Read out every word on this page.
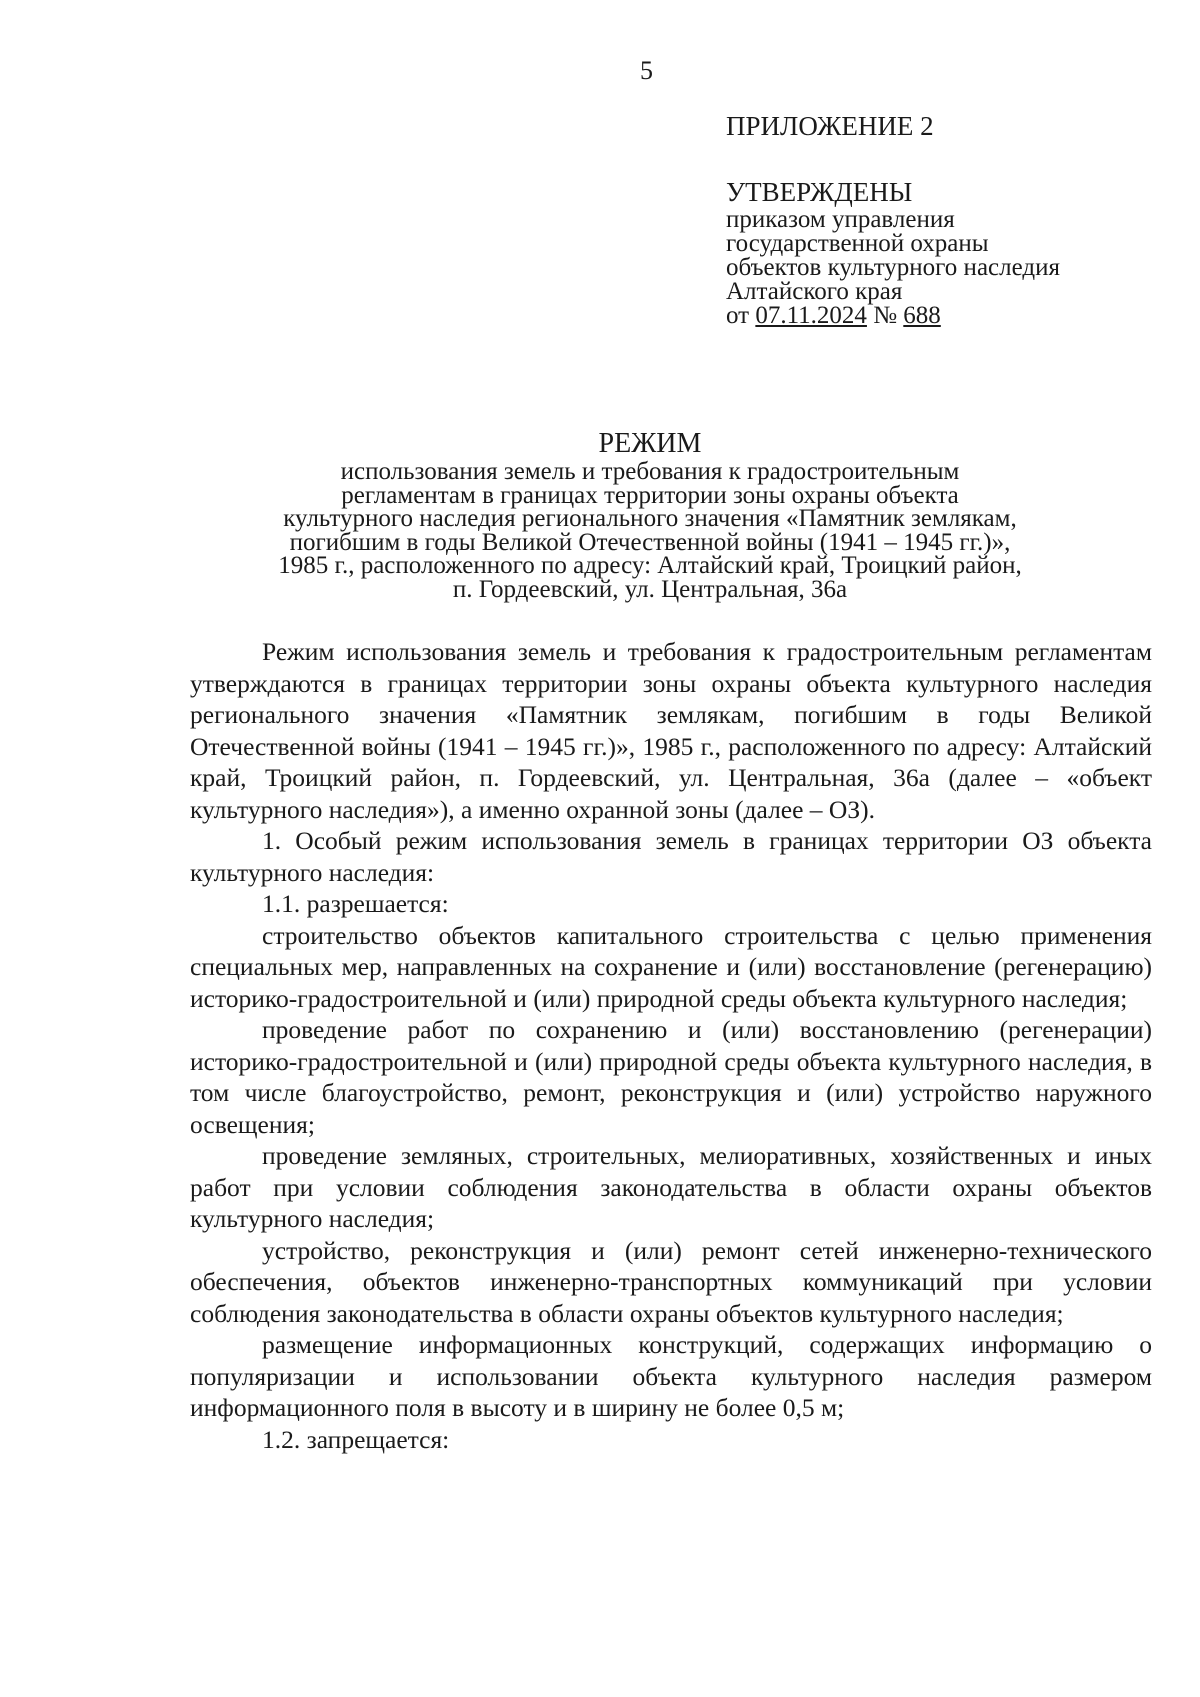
5
ПРИЛОЖЕНИЕ 2
УТВЕРЖДЕНЫ
приказом управления
государственной охраны
объектов культурного наследия
Алтайского края
от 07.11.2024 № 688
РЕЖИМ
использования земель и требования к градостроительным
регламентам в границах территории зоны охраны объекта
культурного наследия регионального значения «Памятник землякам,
погибшим в годы Великой Отечественной войны (1941 – 1945 гг.)»,
1985 г., расположенного по адресу: Алтайский край, Троицкий район,
п. Гордеевский, ул. Центральная, 36а

Режим использования земель и требования к градостроительным регламентам утверждаются в границах территории зоны охраны объекта культурного наследия регионального значения «Памятник землякам, погибшим в годы Великой Отечественной войны (1941 – 1945 гг.)», 1985 г., расположенного по адресу: Алтайский край, Троицкий район, п. Гордеевский, ул. Центральная, 36а (далее – «объект культурного наследия»), а именно охранной зоны (далее – ОЗ).

1. Особый режим использования земель в границах территории ОЗ объекта культурного наследия:

1.1. разрешается:

строительство объектов капитального строительства с целью применения специальных мер, направленных на сохранение и (или) восстановление (регенерацию) историко-градостроительной и (или) природной среды объекта культурного наследия;

проведение работ по сохранению и (или) восстановлению (регенерации) историко-градостроительной и (или) природной среды объекта культурного наследия, в том числе благоустройство, ремонт, реконструкция и (или) устройство наружного освещения;

проведение земляных, строительных, мелиоративных, хозяйственных и иных работ при условии соблюдения законодательства в области охраны объектов культурного наследия;

устройство, реконструкция и (или) ремонт сетей инженерно-технического обеспечения, объектов инженерно-транспортных коммуникаций при условии соблюдения законодательства в области охраны объектов культурного наследия;

размещение информационных конструкций, содержащих информацию о популяризации и использовании объекта культурного наследия размером информационного поля в высоту и в ширину не более 0,5 м;

1.2. запрещается:
